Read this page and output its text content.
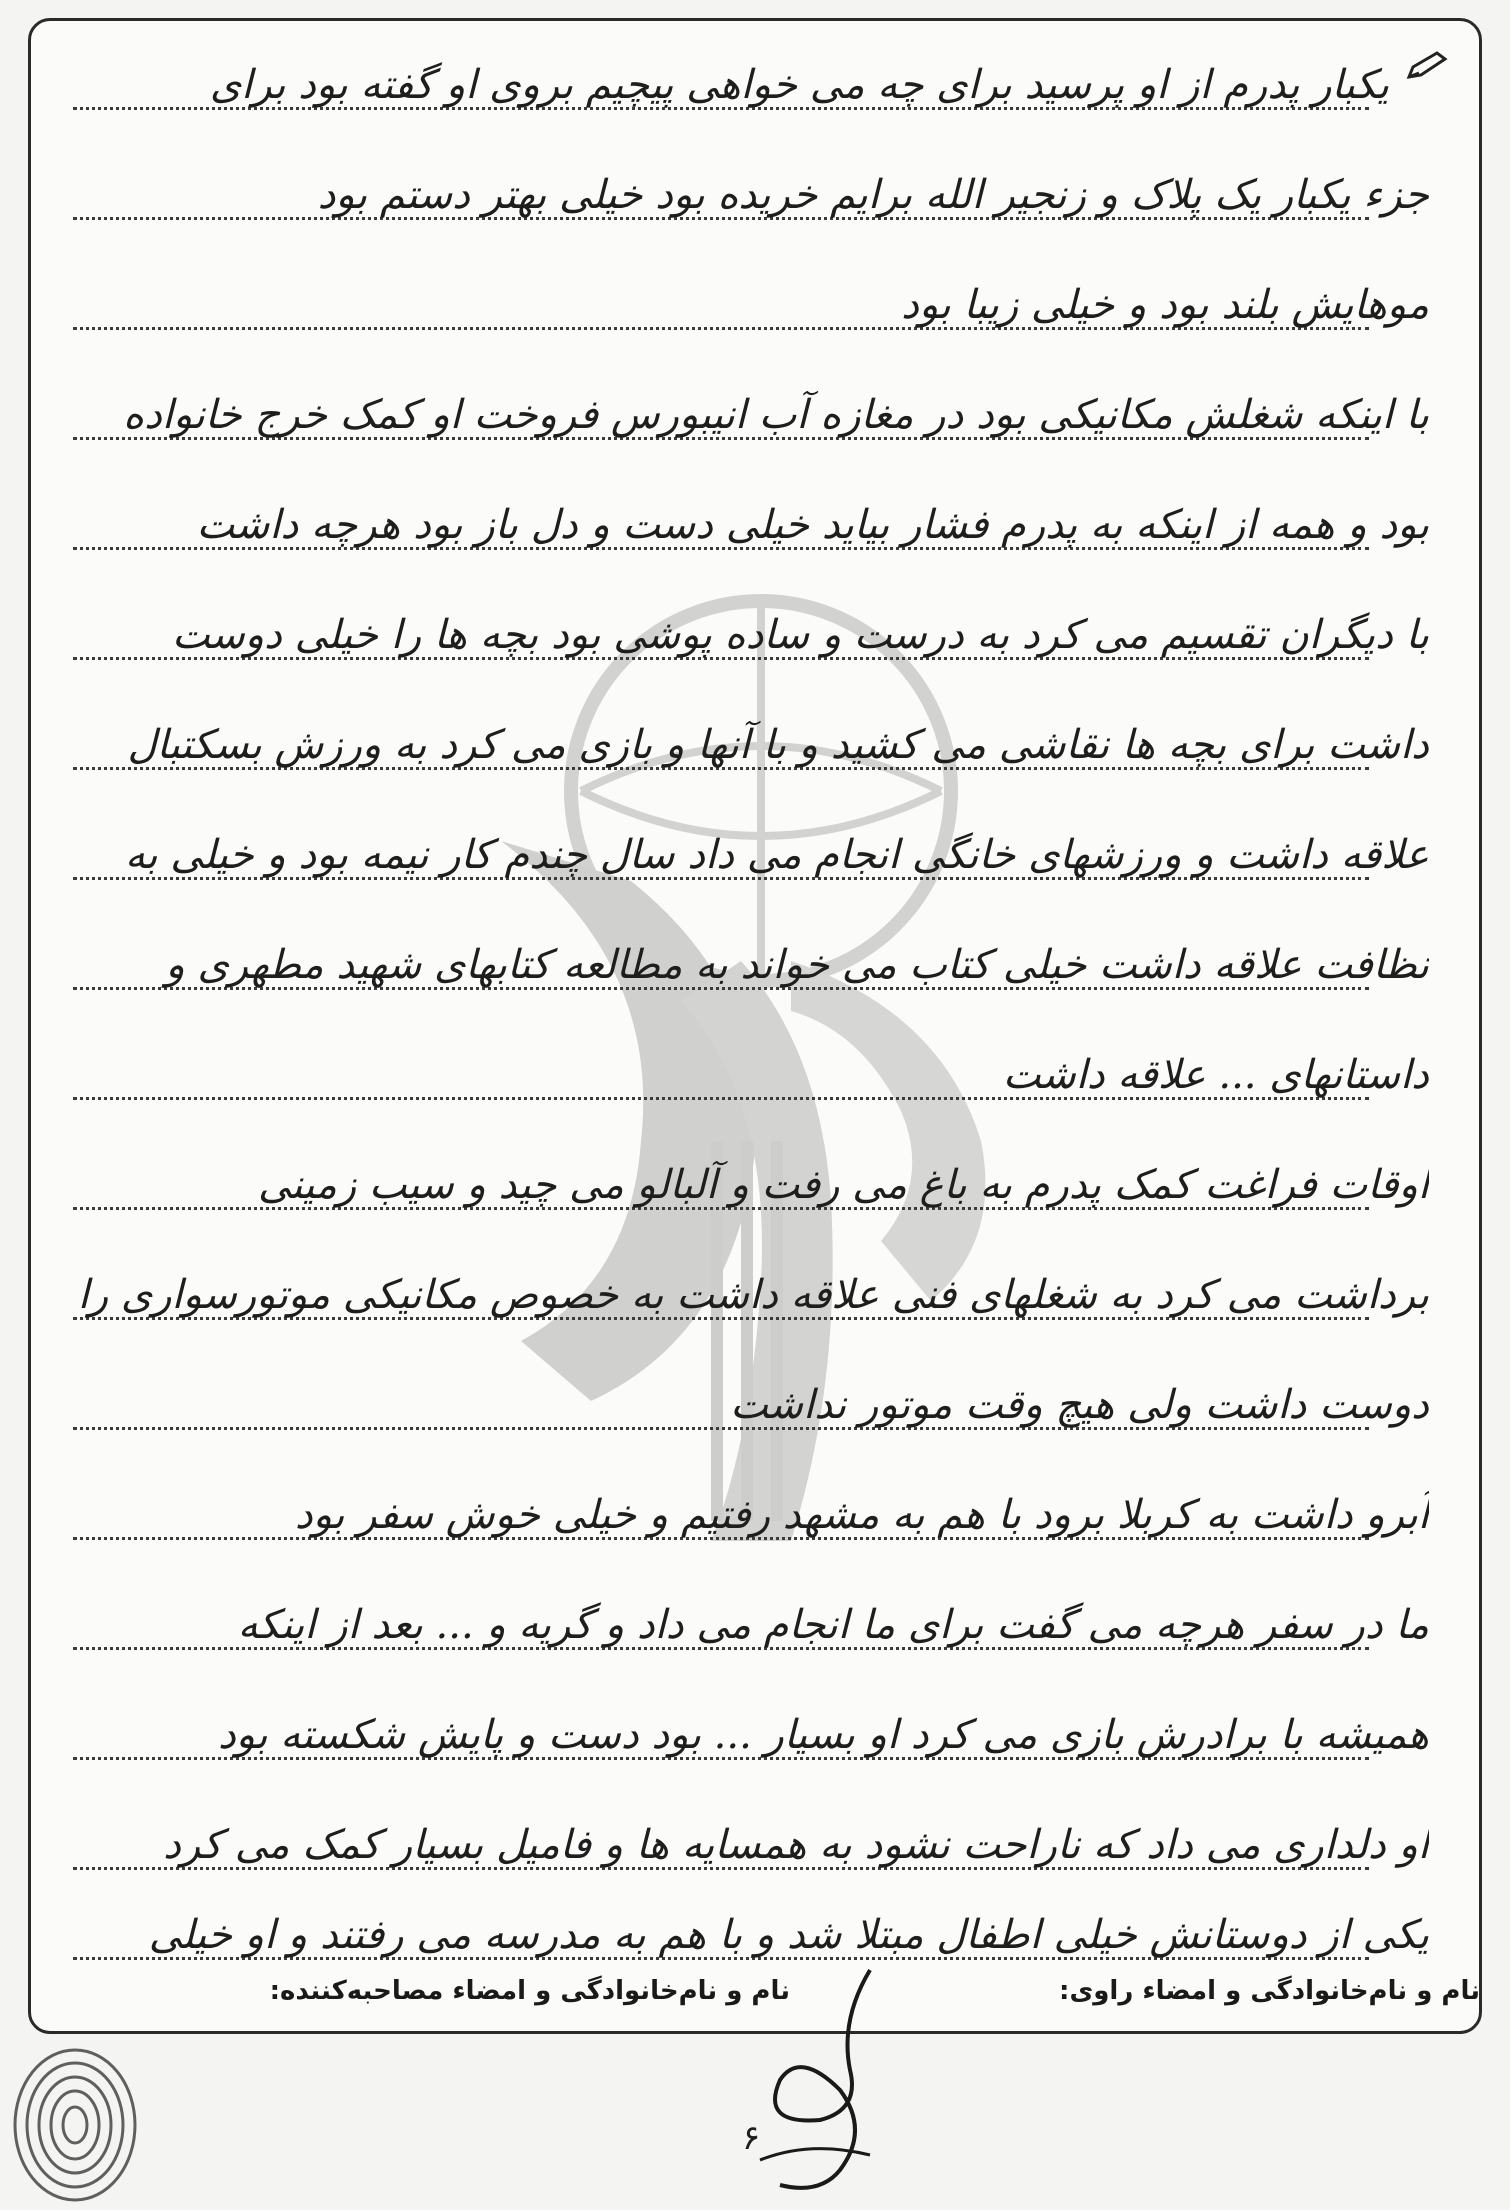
یکبار پدرم از او پرسید برای چه می خواهی پیچیم بروی او گفته بود برای
جزء یکبار یک پلاک و زنجیر الله برایم خریده بود خیلی بهتر دستم بود
موهایش بلند بود و خیلی زیبا بود
با اینکه شغلش مکانیکی بود در مغازه آب انیبورس فروخت او کمک خرج خانواده
بود و همه از اینکه به پدرم فشار بیاید خیلی دست و دل باز بود هرچه داشت
با دیگران تقسیم می کرد به درست و ساده پوشی بود بچه ها را خیلی دوست
داشت برای بچه ها نقاشی می کشید و با آنها و بازی می کرد به ورزش بسکتبال
علاقه داشت و ورزشهای خانگی انجام می داد سال چندم کار نیمه بود و خیلی به
نظافت علاقه داشت خیلی کتاب می خواند به مطالعه کتابهای شهید مطهری و
داستانهای ... علاقه داشت
اوقات فراغت کمک پدرم به باغ می رفت و آلبالو می چید و سیب زمینی
برداشت می کرد به شغلهای فنی علاقه داشت به خصوص مکانیکی موتورسواری را
دوست داشت ولی هیچ وقت موتور نداشت
آبرو داشت به کربلا برود با هم به مشهد رفتیم و خیلی خوش سفر بود
ما در سفر هرچه می گفت برای ما انجام می داد و گریه و ... بعد از اینکه
همیشه با برادرش بازی می کرد او بسیار ... بود دست و پایش شکسته بود
او دلداری می داد که ناراحت نشود به همسایه ها و فامیل بسیار کمک می کرد
یکی از دوستانش خیلی اطفال مبتلا شد و با هم به مدرسه می رفتند و او خیلی
نام و نام‌خانوادگی و امضاء راوی:
نام و نام‌خانوادگی و امضاء مصاحبه‌کننده:
۶
